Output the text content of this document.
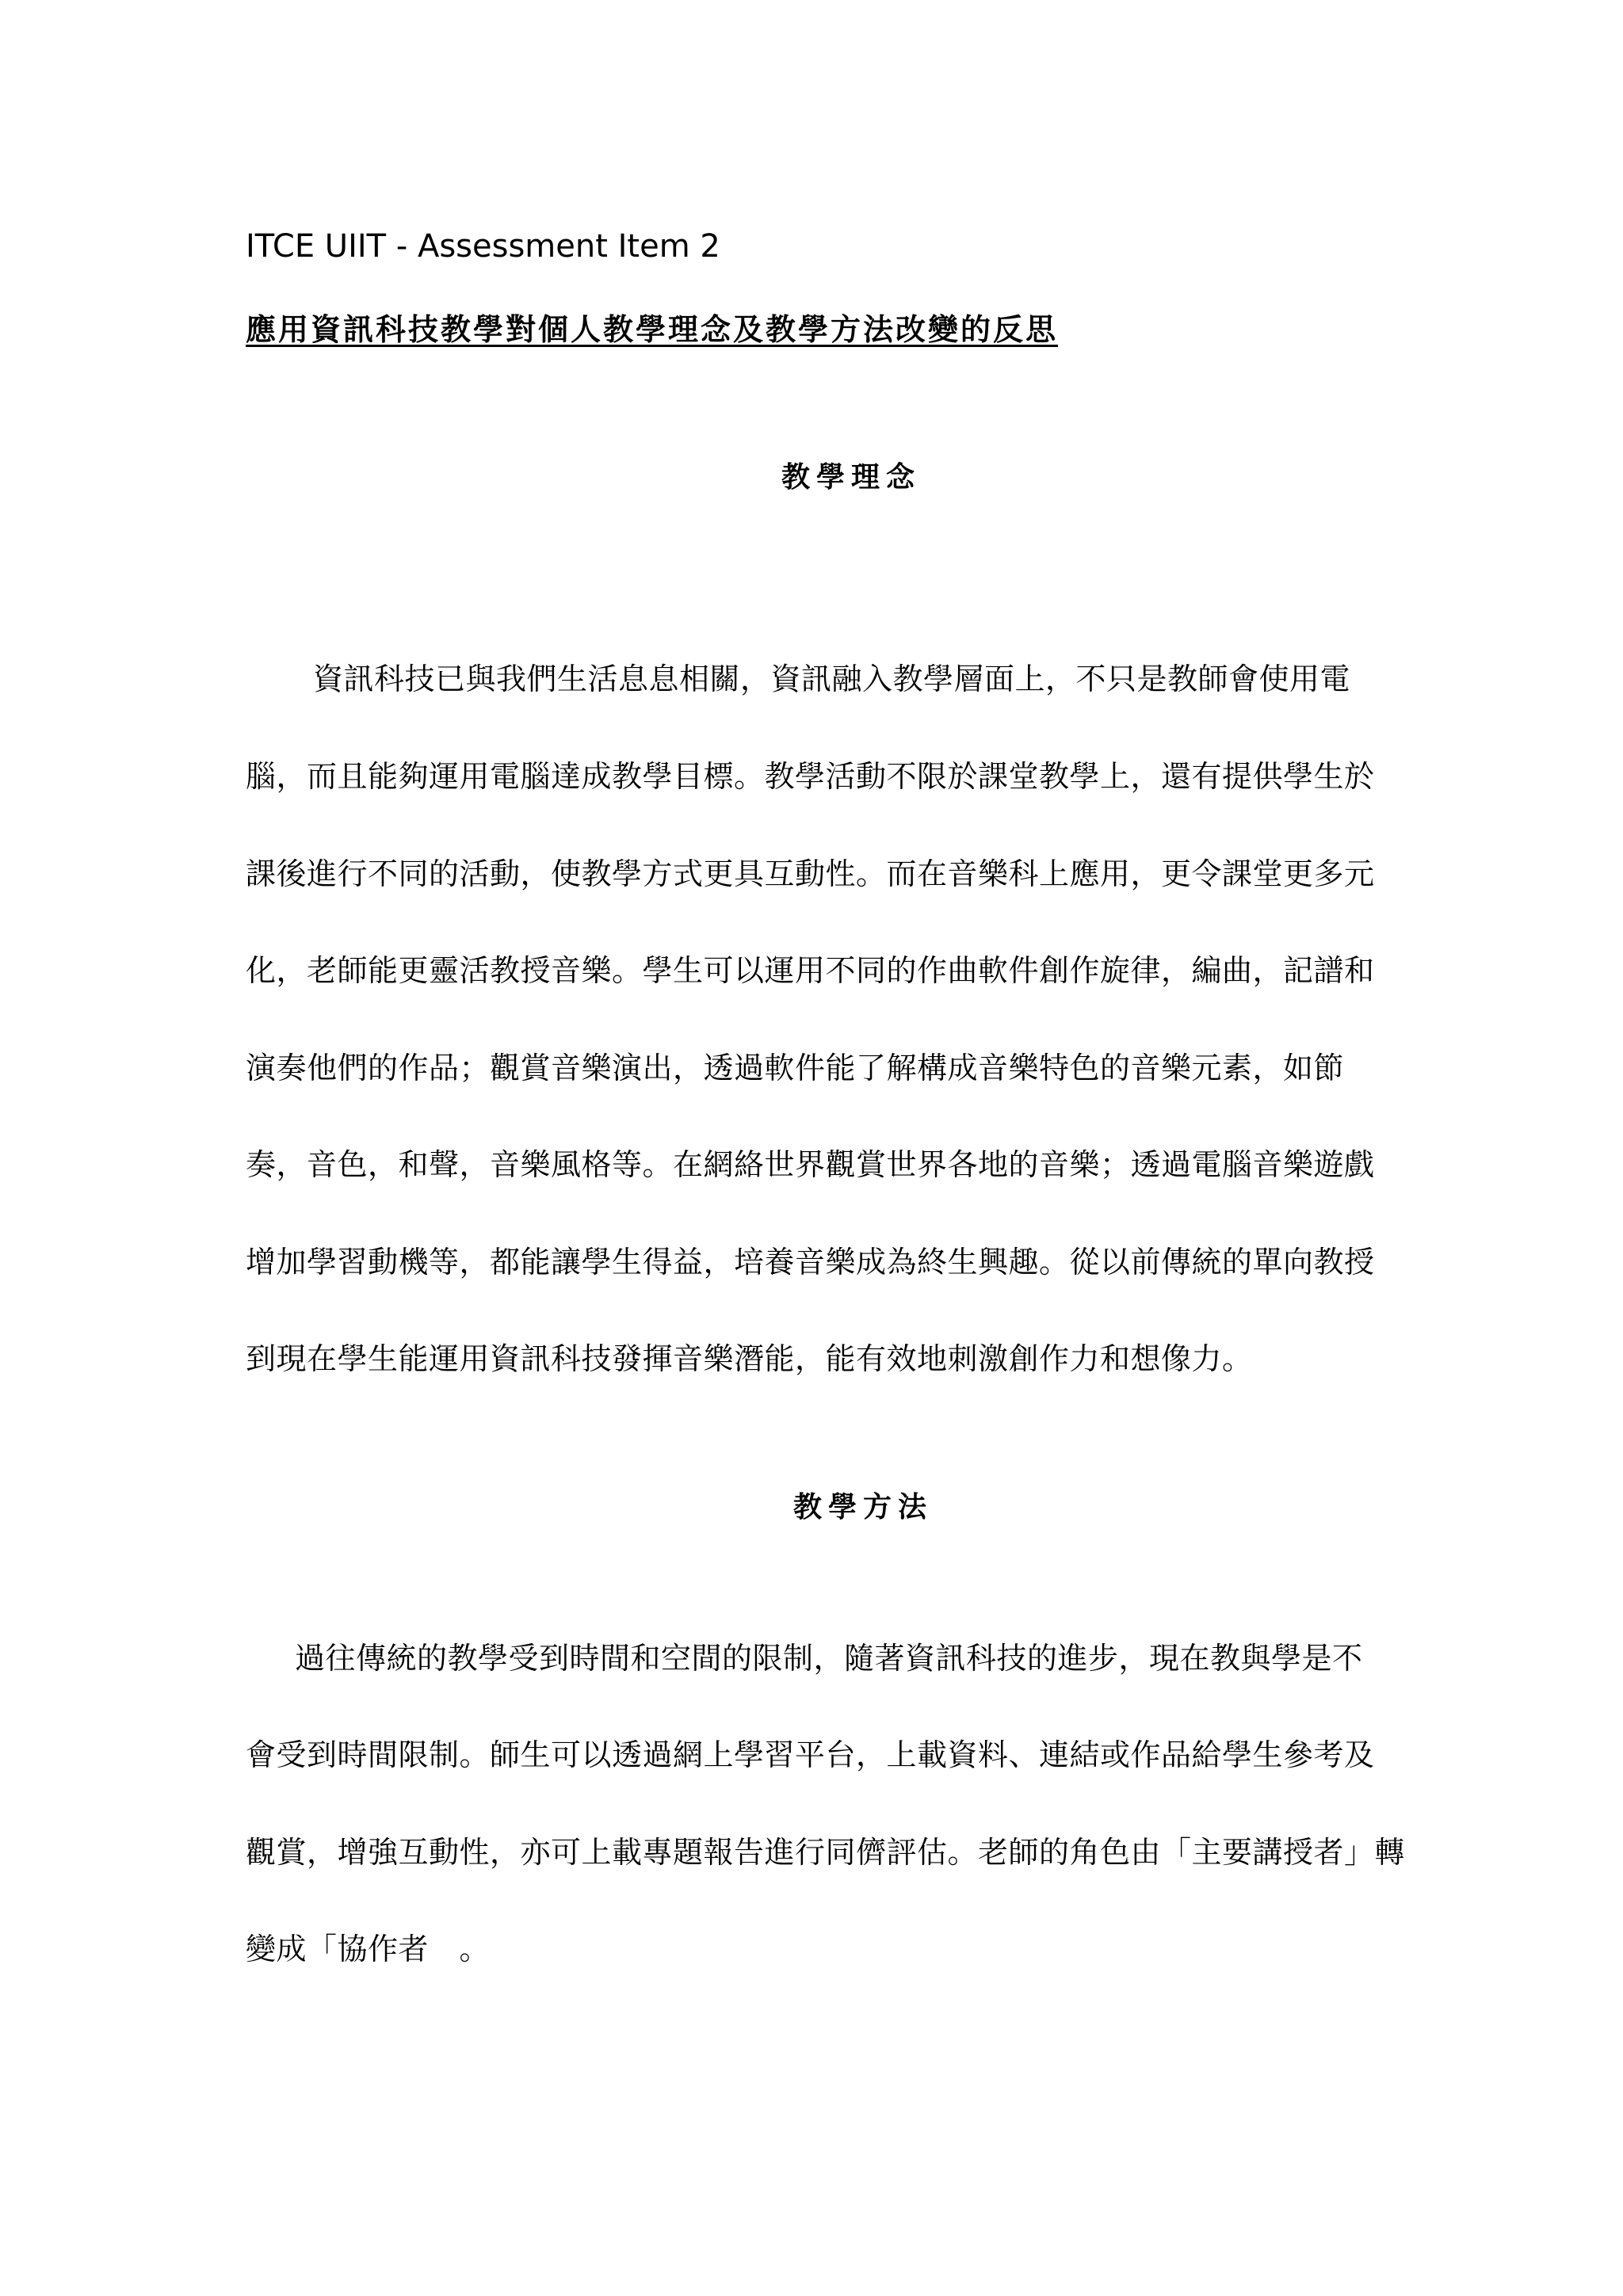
ITCE UIIT - Assessment Item 2
應用資訊科技教學對個人教學理念及教學方法改變的反思
教學理念
資訊科技已與我們生活息息相關，資訊融入教學層面上，不只是教師會使用電
腦，而且能夠運用電腦達成教學目標。教學活動不限於課堂教學上，還有提供學生於
課後進行不同的活動，使教學方式更具互動性。而在音樂科上應用，更令課堂更多元
化，老師能更靈活教授音樂。學生可以運用不同的作曲軟件創作旋律，編曲，記譜和
演奏他們的作品；觀賞音樂演出，透過軟件能了解構成音樂特色的音樂元素，如節
奏，音色，和聲，音樂風格等。在網絡世界觀賞世界各地的音樂；透過電腦音樂遊戲
增加學習動機等，都能讓學生得益，培養音樂成為終生興趣。從以前傳統的單向教授
到現在學生能運用資訊科技發揮音樂潛能，能有效地刺激創作力和想像力。
教學方法
過往傳統的教學受到時間和空間的限制，隨著資訊科技的進步，現在教與學是不
會受到時間限制。師生可以透過網上學習平台，上載資料、連結或作品給學生參考及
觀賞，增強互動性，亦可上載專題報告進行同儕評估。老師的角色由「主要講授者」轉
變成「協作者　。
